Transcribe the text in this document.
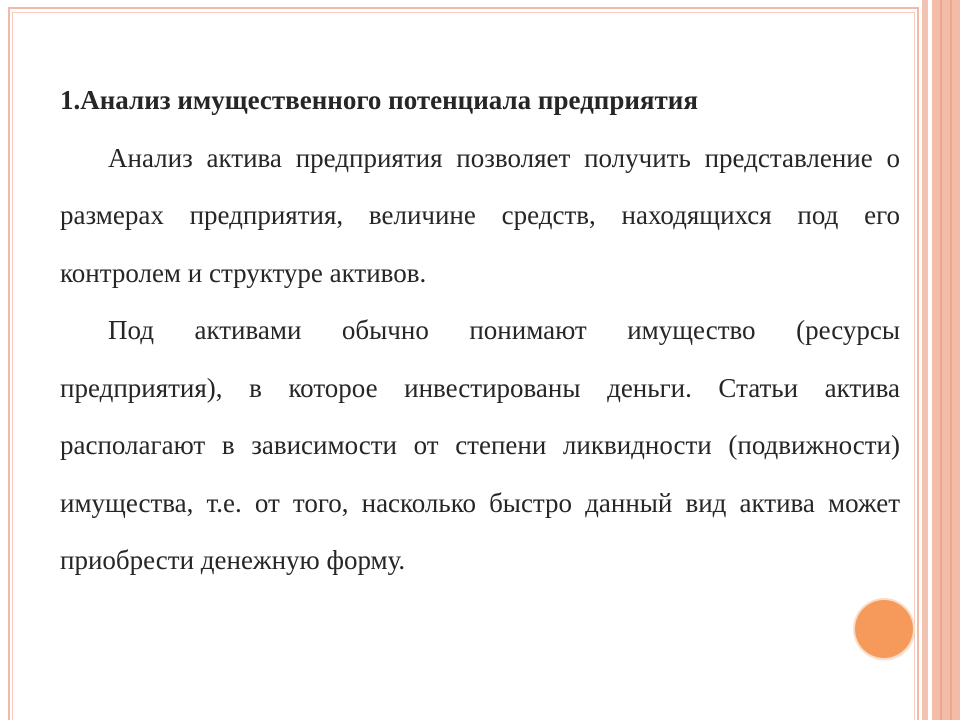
1.Анализ имущественного потенциала предприятия

Анализ актива предприятия позволяет получить представление о размерах предприятия, величине средств, находящихся под его контролем и структуре активов.

Под активами обычно понимают имущество (ресурсы предприятия), в которое инвестированы деньги. Статьи актива располагают в зависимости от степени ликвидности (подвижности) имущества, т.е. от того, насколько быстро данный вид актива может приобрести денежную форму.
